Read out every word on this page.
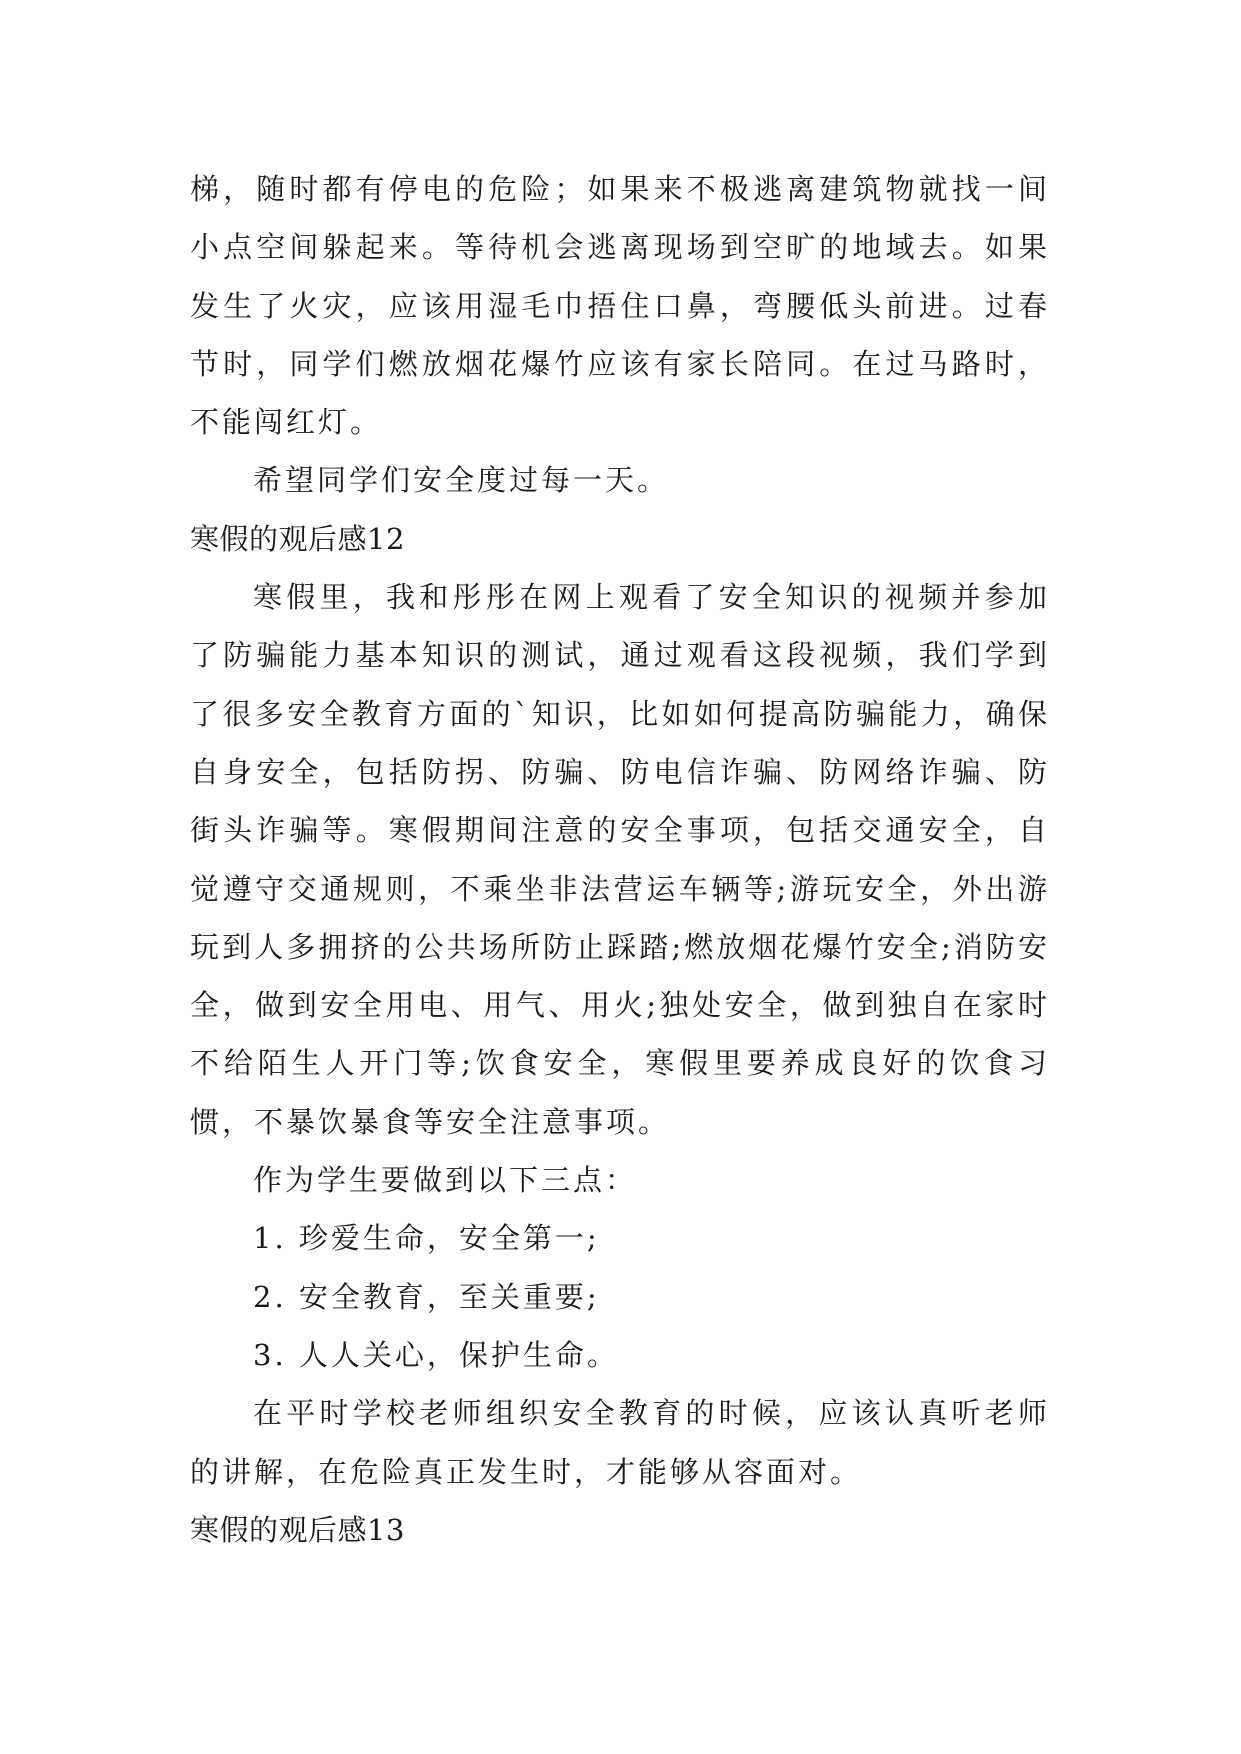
梯，随时都有停电的危险；如果来不极逃离建筑物就找一间小点空间躲起来。等待机会逃离现场到空旷的地域去。如果发生了火灾，应该用湿毛巾捂住口鼻，弯腰低头前进。过春节时，同学们燃放烟花爆竹应该有家长陪同。在过马路时，不能闯红灯。

希望同学们安全度过每一天。

寒假的观后感12

寒假里，我和彤彤在网上观看了安全知识的视频并参加了防骗能力基本知识的测试，通过观看这段视频，我们学到了很多安全教育方面的`知识，比如如何提高防骗能力，确保自身安全，包括防拐、防骗、防电信诈骗、防网络诈骗、防街头诈骗等。寒假期间注意的安全事项，包括交通安全，自觉遵守交通规则，不乘坐非法营运车辆等;游玩安全，外出游玩到人多拥挤的公共场所防止踩踏;燃放烟花爆竹安全;消防安全，做到安全用电、用气、用火;独处安全，做到独自在家时不给陌生人开门等;饮食安全，寒假里要养成良好的饮食习惯，不暴饮暴食等安全注意事项。

作为学生要做到以下三点：

1. 珍爱生命，安全第一;

2. 安全教育，至关重要;

3. 人人关心，保护生命。

在平时学校老师组织安全教育的时候，应该认真听老师的讲解，在危险真正发生时，才能够从容面对。

寒假的观后感13
